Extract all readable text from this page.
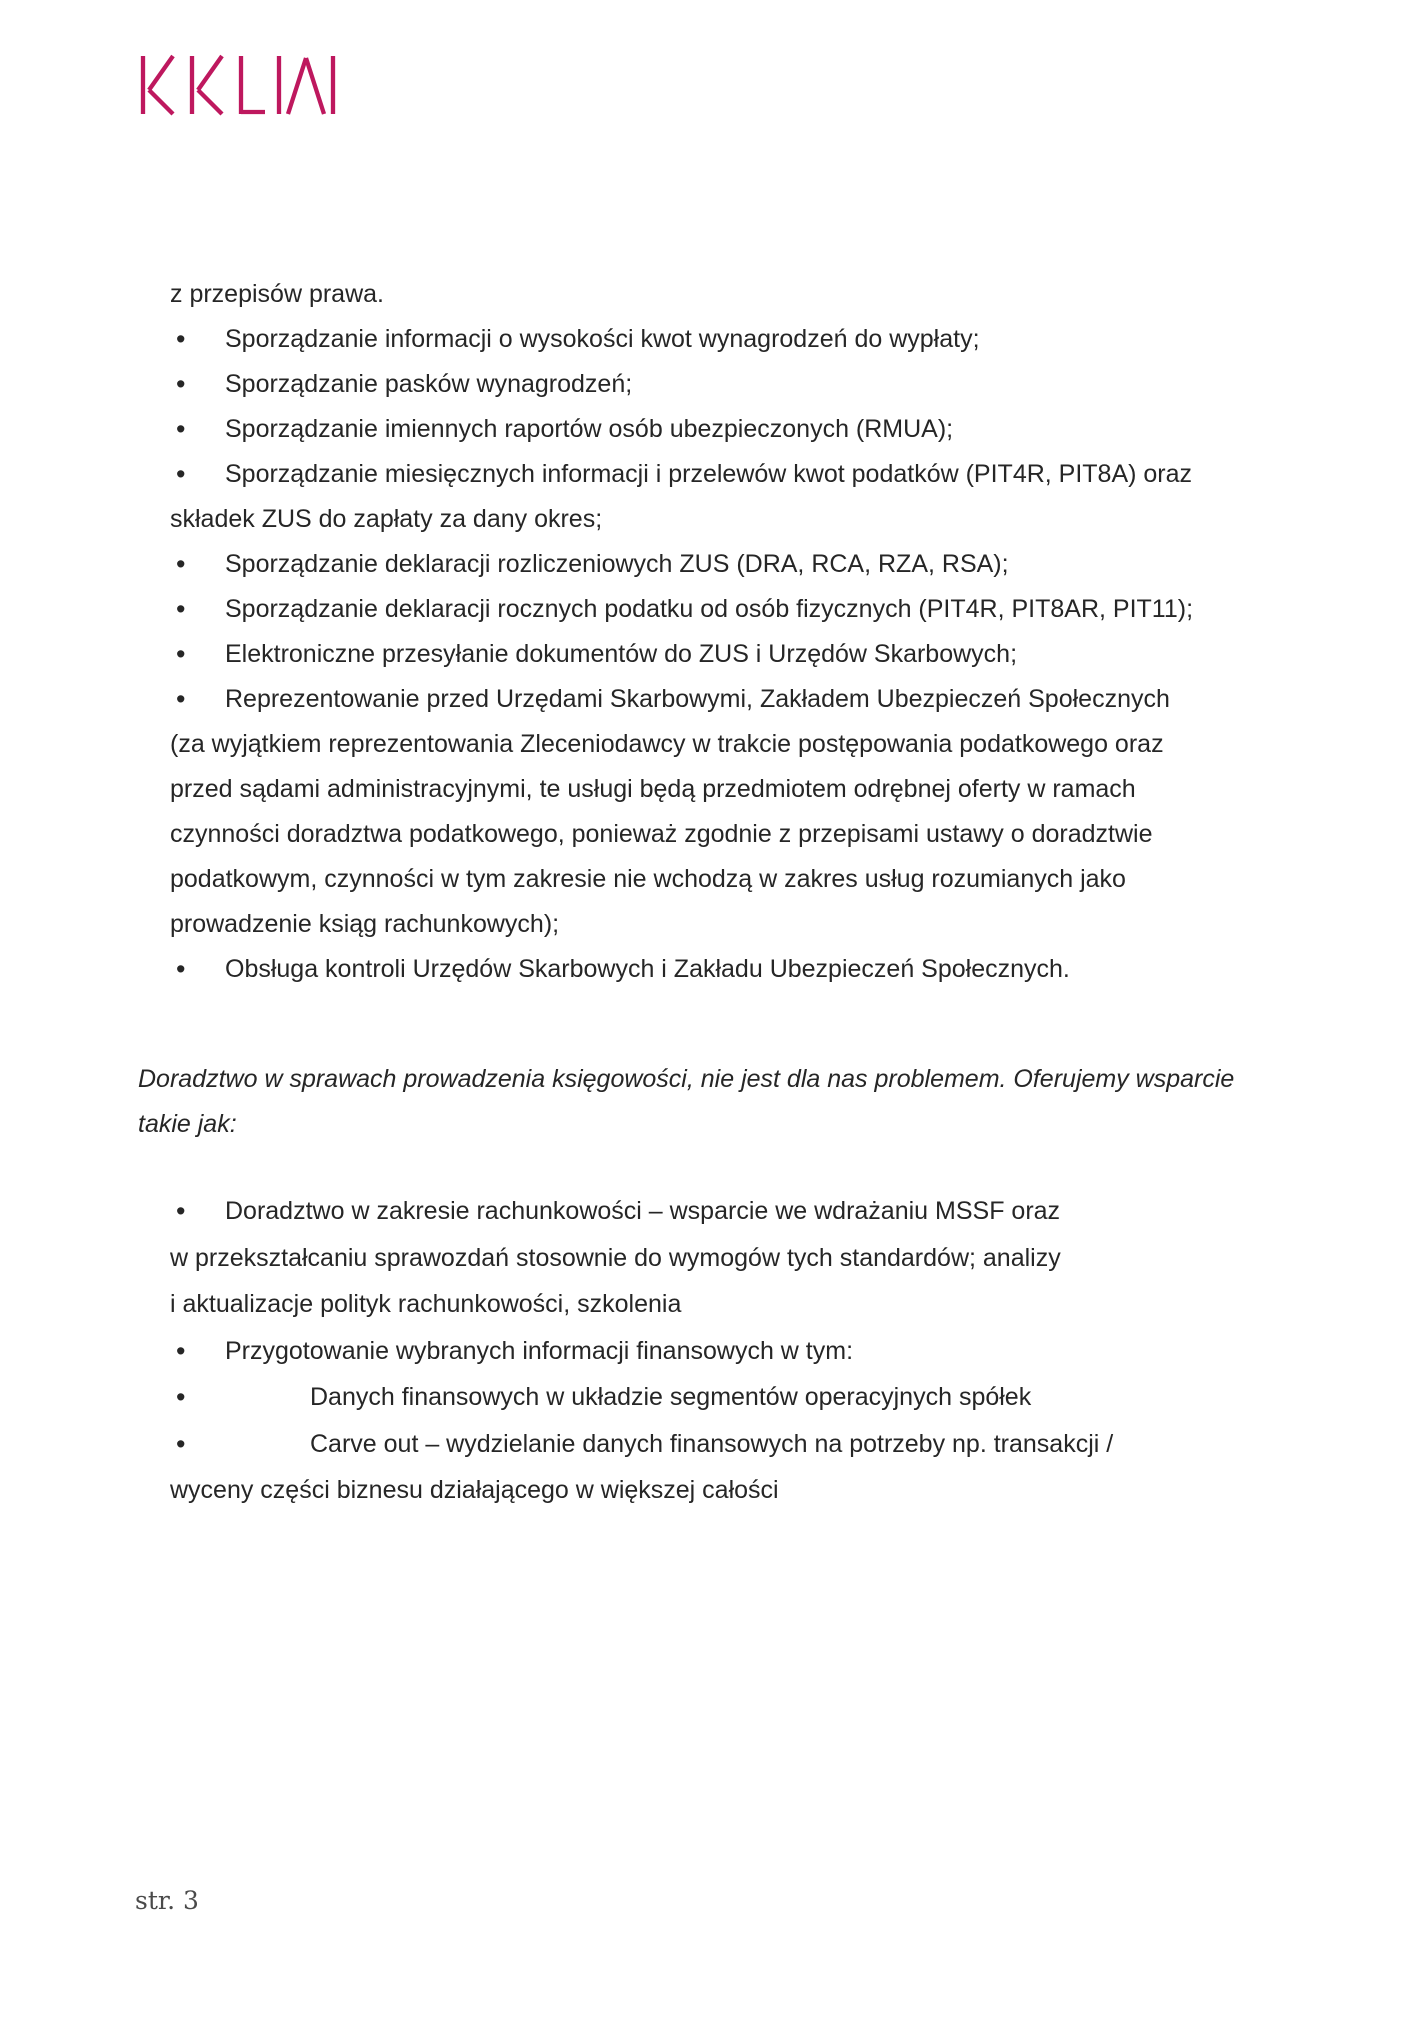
z przepisów prawa.
• Sporządzanie informacji o wysokości kwot wynagrodzeń do wypłaty;
• Sporządzanie pasków wynagrodzeń;
• Sporządzanie imiennych raportów osób ubezpieczonych (RMUA);
• Sporządzanie miesięcznych informacji i przelewów kwot podatków (PIT4R, PIT8A) oraz
składek ZUS do zapłaty za dany okres;
• Sporządzanie deklaracji rozliczeniowych ZUS (DRA, RCA, RZA, RSA);
• Sporządzanie deklaracji rocznych podatku od osób fizycznych (PIT4R, PIT8AR, PIT11);
• Elektroniczne przesyłanie dokumentów do ZUS i Urzędów Skarbowych;
• Reprezentowanie przed Urzędami Skarbowymi, Zakładem Ubezpieczeń Społecznych
(za wyjątkiem reprezentowania Zleceniodawcy w trakcie postępowania podatkowego oraz
przed sądami administracyjnymi, te usługi będą przedmiotem odrębnej oferty w ramach
czynności doradztwa podatkowego, ponieważ zgodnie z przepisami ustawy o doradztwie
podatkowym, czynności w tym zakresie nie wchodzą w zakres usług rozumianych jako
prowadzenie ksiąg rachunkowych);
• Obsługa kontroli Urzędów Skarbowych i Zakładu Ubezpieczeń Społecznych.
Doradztwo w sprawach prowadzenia księgowości, nie jest dla nas problemem. Oferujemy wsparcie
takie jak:
• Doradztwo w zakresie rachunkowości – wsparcie we wdrażaniu MSSF oraz
w przekształcaniu sprawozdań stosownie do wymogów tych standardów; analizy
i aktualizacje polityk rachunkowości, szkolenia
• Przygotowanie wybranych informacji finansowych w tym:
•	Danych finansowych w układzie segmentów operacyjnych spółek
•	Carve out – wydzielanie danych finansowych na potrzeby np. transakcji /
wyceny części biznesu działającego w większej całości
str. 3
